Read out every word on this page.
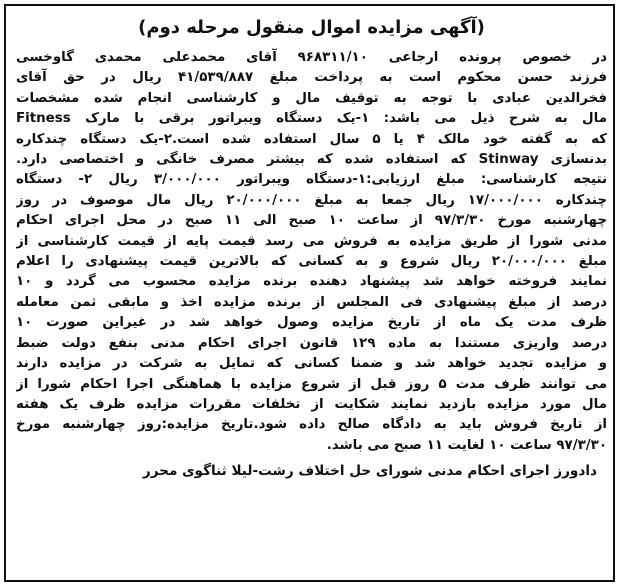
(آگهی مزایده اموال منقول مرحله دوم)
در خصوص پرونده ارجاعی ۹۶۸۳۱۱/۱۰ آقای محمدعلی محمدی گاوخسی
فرزند حسن محکوم است به پرداخت مبلغ ۴۱/۵۳۹/۸۸۷ ریال در حق آقای
فخرالدین عبادی با توجه به توقیف مال و کارشناسی انجام شده مشخصات
مال به شرح ذیل می باشد: ۱-یک دستگاه ویبراتور برقی با مارک Fitness
که به گفته خود مالک ۴ یا ۵ سال استفاده شده است.۲-یک دستگاه چندکاره
بدنسازی Stinway که استفاده شده که بیشتر مصرف خانگی و اختصاصی دارد.
نتیجه کارشناسی: مبلغ ارزیابی:۱-دستگاه ویبراتور ۳/۰۰۰/۰۰۰ ریال ۲- دستگاه
چندکاره ۱۷/۰۰۰/۰۰۰ ریال جمعا به مبلغ ۲۰/۰۰۰/۰۰۰ ریال مال موصوف در روز
چهارشنبه مورخ ۹۷/۳/۳۰ از ساعت ۱۰ صبح الی ۱۱ صبح در محل اجرای احکام
مدنی شورا از طریق مزایده به فروش می رسد قیمت پایه از قیمت کارشناسی از
مبلغ ۲۰/۰۰۰/۰۰۰ ریال شروع و به کسانی که بالاترین قیمت پیشنهادی را اعلام
نمایند فروخته خواهد شد پیشنهاد دهنده برنده مزایده محسوب می گردد و ۱۰
درصد از مبلغ پیشنهادی فی المجلس از برنده مزایده اخذ و مابقی ثمن معامله
ظرف مدت یک ماه از تاریخ مزایده وصول خواهد شد در غیراین صورت ۱۰
درصد واریزی مستندا به ماده ۱۲۹ قانون اجرای احکام مدنی بنفع دولت ضبط
و مزایده تجدید خواهد شد و ضمنا کسانی که تمایل به شرکت در مزایده دارند
می توانند ظرف مدت ۵ روز قبل از شروع مزایده با هماهنگی اجرا احکام شورا از
مال مورد مزایده بازدید نمایند شکایت از تخلفات مقررات مزایده ظرف یک هفته
از تاریخ فروش باید به دادگاه صالح داده شود.تاریخ مزایده:روز چهارشنبه مورخ
۹۷/۳/۳۰ ساعت ۱۰ لغایت ۱۱ صبح می باشد.
دادورز اجرای احکام مدنی شورای حل اختلاف رشت-لیلا ثناگوی محرر
